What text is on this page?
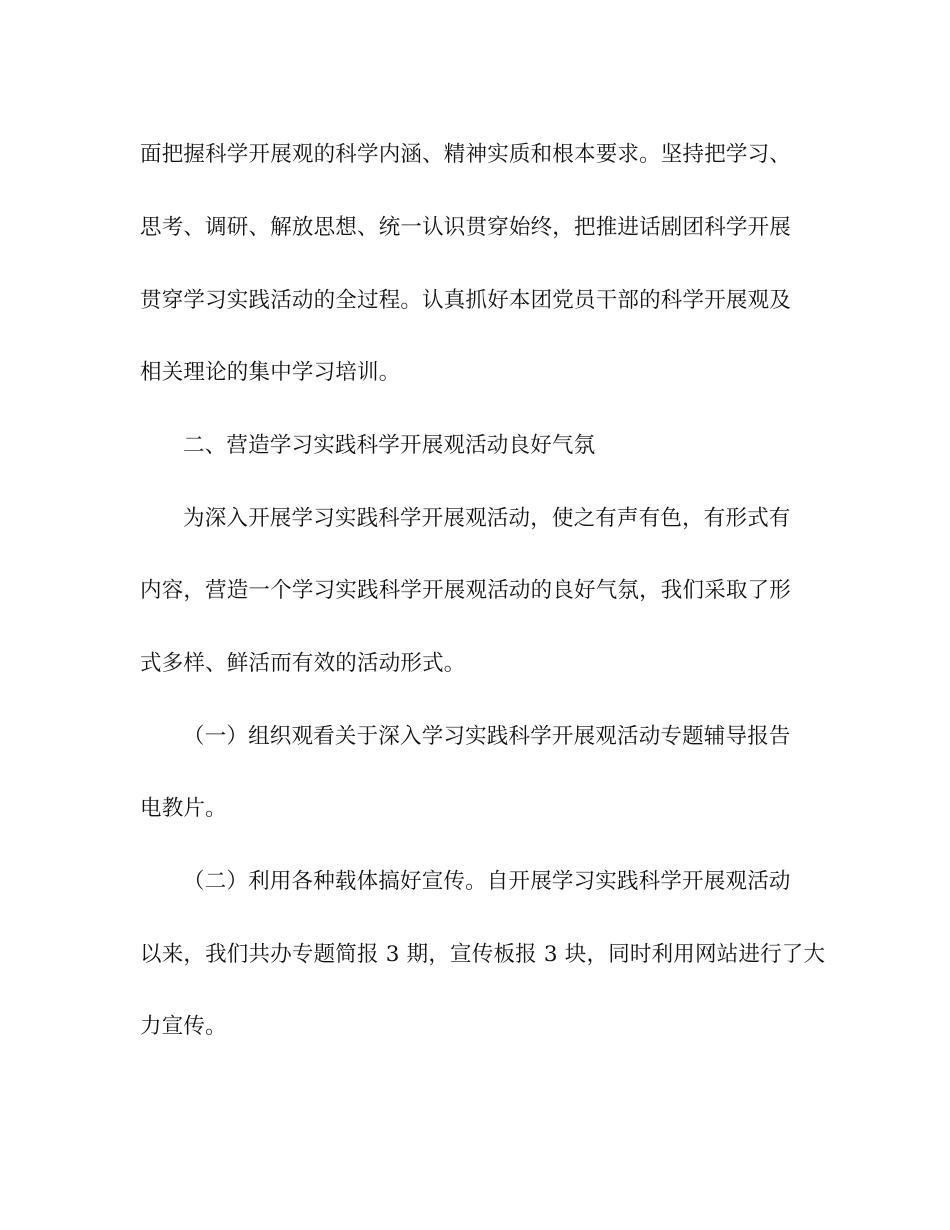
面把握科学开展观的科学内涵、精神实质和根本要求。坚持把学习、
思考、调研、解放思想、统一认识贯穿始终，把推进话剧团科学开展
贯穿学习实践活动的全过程。认真抓好本团党员干部的科学开展观及
相关理论的集中学习培训。
二、营造学习实践科学开展观活动良好气氛
为深入开展学习实践科学开展观活动，使之有声有色，有形式有
内容，营造一个学习实践科学开展观活动的良好气氛，我们采取了形
式多样、鲜活而有效的活动形式。
（一）组织观看关于深入学习实践科学开展观活动专题辅导报告
电教片。
（二）利用各种载体搞好宣传。自开展学习实践科学开展观活动
以来，我们共办专题简报 3 期，宣传板报 3 块，同时利用网站进行了大
力宣传。
